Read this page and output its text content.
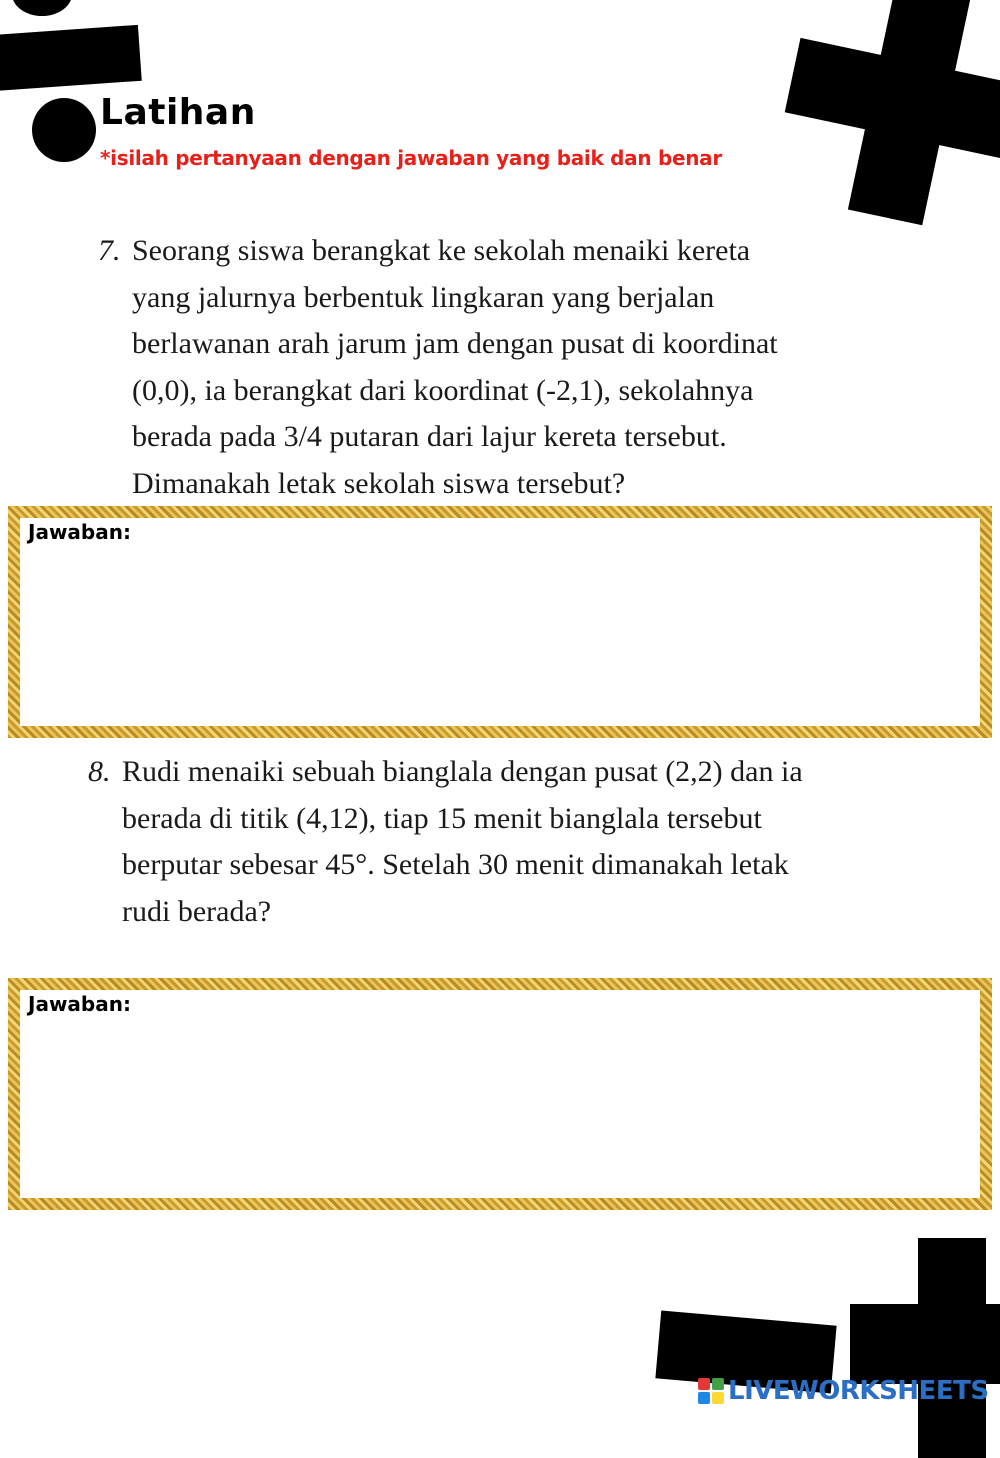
Latihan
*isilah pertanyaan dengan jawaban yang baik dan benar
7. Seorang siswa berangkat ke sekolah menaiki kereta
yang jalurnya berbentuk lingkaran yang berjalan
berlawanan arah jarum jam dengan pusat di koordinat
(0,0), ia berangkat dari koordinat (-2,1), sekolahnya
berada pada 3/4 putaran dari lajur kereta tersebut.
Dimanakah letak sekolah siswa tersebut?
Jawaban:
8. Rudi menaiki sebuah bianglala dengan pusat (2,2) dan ia
berada di titik (4,12), tiap 15 menit bianglala tersebut
berputar sebesar 45°. Setelah 30 menit dimanakah letak
rudi berada?
Jawaban:
LIVEWORKSHEETS
